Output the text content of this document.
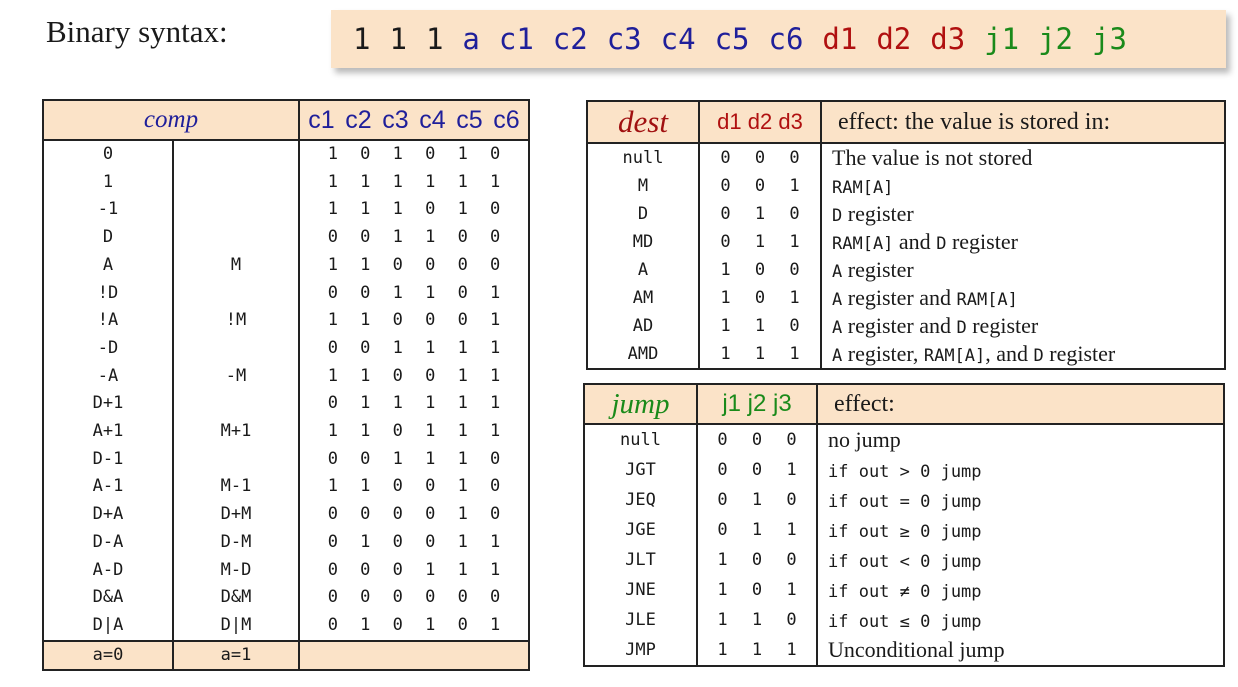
Binary syntax:	1 1 1 a c1 c2 c3 c4 c5 c6 d1 d2 d3 j1 j2 j3
comp		c1 c2 c3 c4 c5 c6
0		1 0 1 0 1 0
1		1 1 1 1 1 1
-1		1 1 1 0 1 0
D		0 0 1 1 0 0
A	M	1 1 0 0 0 0
!D		0 0 1 1 0 1
!A	!M	1 1 0 0 0 1
-D		0 0 1 1 1 1
-A	-M	1 1 0 0 1 1
D+1		0 1 1 1 1 1
A+1	M+1	1 1 0 1 1 1
D-1		0 0 1 1 1 0
A-1	M-1	1 1 0 0 1 0
D+A	D+M	0 0 0 0 1 0
D-A	D-M	0 1 0 0 1 1
A-D	M-D	0 0 0 1 1 1
D&A	D&M	0 0 0 0 0 0
D|A	D|M	0 1 0 1 0 1
a=0	a=1	
dest	d1 d2 d3	effect: the value is stored in:
null	0 0 0	The value is not stored
M	0 0 1	RAM[A]
D	0 1 0	D register
MD	0 1 1	RAM[A] and D register
A	1 0 0	A register
AM	1 0 1	A register and RAM[A]
AD	1 1 0	A register and D register
AMD	1 1 1	A register, RAM[A], and D register
jump	j1 j2 j3	effect:
null	0 0 0	no jump
JGT	0 0 1	if out > 0 jump
JEQ	0 1 0	if out = 0 jump
JGE	0 1 1	if out ≥ 0 jump
JLT	1 0 0	if out < 0 jump
JNE	1 0 1	if out ≠ 0 jump
JLE	1 1 0	if out ≤ 0 jump
JMP	1 1 1	Unconditional jump
